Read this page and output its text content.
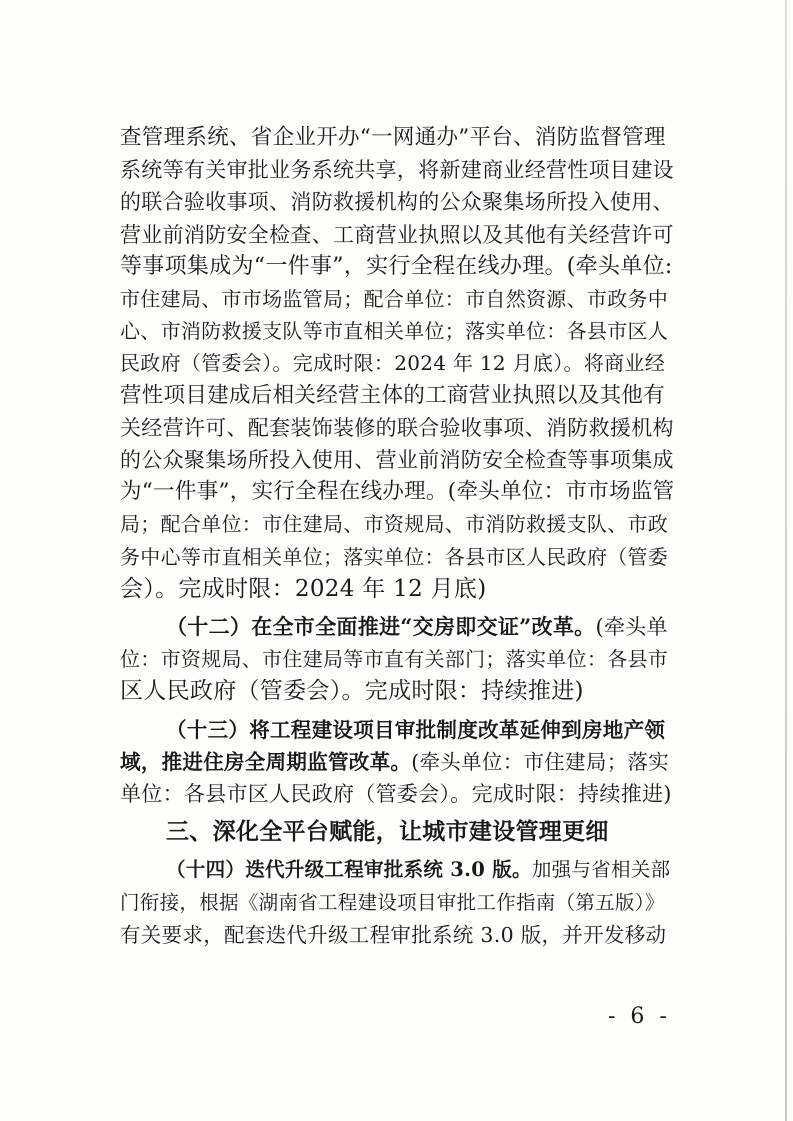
查管理系统、省企业开办“一网通办”平台、消防监督管理
系统等有关审批业务系统共享，将新建商业经营性项目建设
的联合验收事项、消防救援机构的公众聚集场所投入使用、
营业前消防安全检查、工商营业执照以及其他有关经营许可
等事项集成为“一件事”，实行全程在线办理。(牵头单位:
市住建局、市市场监管局；配合单位：市自然资源、市政务中
心、市消防救援支队等市直相关单位；落实单位：各县市区人
民政府（管委会）。完成时限：2024 年 12 月底）。将商业经
营性项目建成后相关经营主体的工商营业执照以及其他有
关经营许可、配套装饰装修的联合验收事项、消防救援机构
的公众聚集场所投入使用、营业前消防安全检查等事项集成
为“一件事”，实行全程在线办理。(牵头单位：市市场监管
局；配合单位：市住建局、市资规局、市消防救援支队、市政
务中心等市直相关单位；落实单位：各县市区人民政府（管委
会）。完成时限：2024 年 12 月底)
（十二）在全市全面推进“交房即交证”改革。(牵头单
位：市资规局、市住建局等市直有关部门；落实单位：各县市
区人民政府（管委会）。完成时限：持续推进)
（十三）将工程建设项目审批制度改革延伸到房地产领
域，推进住房全周期监管改革。(牵头单位：市住建局；落实
单位：各县市区人民政府（管委会）。完成时限：持续推进)
三、深化全平台赋能，让城市建设管理更细
（十四）迭代升级工程审批系统 3.0 版。加强与省相关部
门衔接，根据《湖南省工程建设项目审批工作指南（第五版）》
有关要求，配套迭代升级工程审批系统 3.0 版，并开发移动
- 6 -
